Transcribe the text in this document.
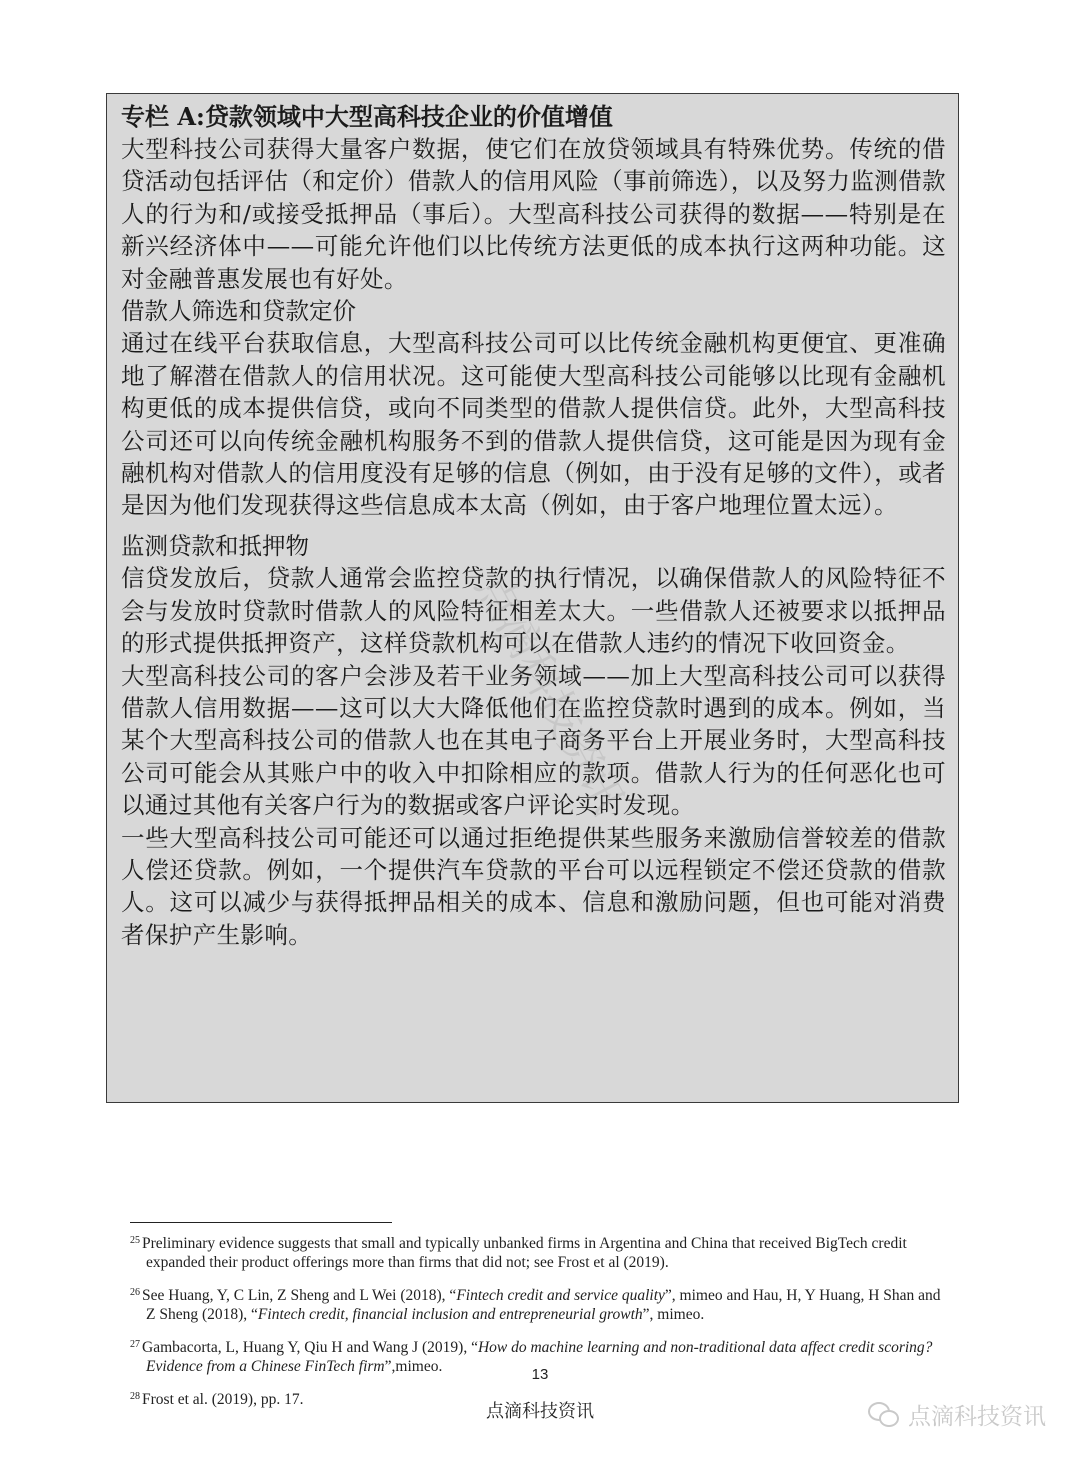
专栏 A:贷款领域中大型高科技企业的价值增值

大型科技公司获得大量客户数据，使它们在放贷领域具有特殊优势。传统的借贷活动包括评估（和定价）借款人的信用风险（事前筛选），以及努力监测借款人的行为和/或接受抵押品（事后）。大型高科技公司获得的数据——特别是在新兴经济体中——可能允许他们以比传统方法更低的成本执行这两种功能。这对金融普惠发展也有好处。

借款人筛选和贷款定价

通过在线平台获取信息，大型高科技公司可以比传统金融机构更便宜、更准确地了解潜在借款人的信用状况。这可能使大型高科技公司能够以比现有金融机构更低的成本提供信贷，或向不同类型的借款人提供信贷。此外，大型高科技公司还可以向传统金融机构服务不到的借款人提供信贷，这可能是因为现有金融机构对借款人的信用度没有足够的信息（例如，由于没有足够的文件），或者是因为他们发现获得这些信息成本太高（例如，由于客户地理位置太远）。

监测贷款和抵押物

信贷发放后，贷款人通常会监控贷款的执行情况，以确保借款人的风险特征不会与发放时贷款时借款人的风险特征相差太大。一些借款人还被要求以抵押品的形式提供抵押资产，这样贷款机构可以在借款人违约的情况下收回资金。

大型高科技公司的客户会涉及若干业务领域——加上大型高科技公司可以获得借款人信用数据——这可以大大降低他们在监控贷款时遇到的成本。例如，当某个大型高科技公司的借款人也在其电子商务平台上开展业务时，大型高科技公司可能会从其账户中的收入中扣除相应的款项。借款人行为的任何恶化也可以通过其他有关客户行为的数据或客户评论实时发现。

一些大型高科技公司可能还可以通过拒绝提供某些服务来激励信誉较差的借款人偿还贷款。例如，一个提供汽车贷款的平台可以远程锁定不偿还贷款的借款人。这可以减少与获得抵押品相关的成本、信息和激励问题，但也可能对消费者保护产生影响。

$^{25}$ Preliminary evidence suggests that small and typically unbanked firms in Argentina and China that received BigTech credit expanded their product offerings more than firms that did not; see Frost et al (2019).

$^{26}$ See Huang, Y, C Lin, Z Sheng and L Wei (2018), “Fintech credit and service quality”, mimeo and Hau, H, Y Huang, H Shan and Z Sheng (2018), “Fintech credit, financial inclusion and entrepreneurial growth”, mimeo.

$^{27}$ Gambacorta, L, Huang Y, Qiu H and Wang J (2019), “How do machine learning and non-traditional data affect credit scoring? Evidence from a Chinese FinTech firm”,mimeo.

$^{28}$ Frost et al. (2019), pp. 17.

13
点滴科技资讯	点滴科技资讯
